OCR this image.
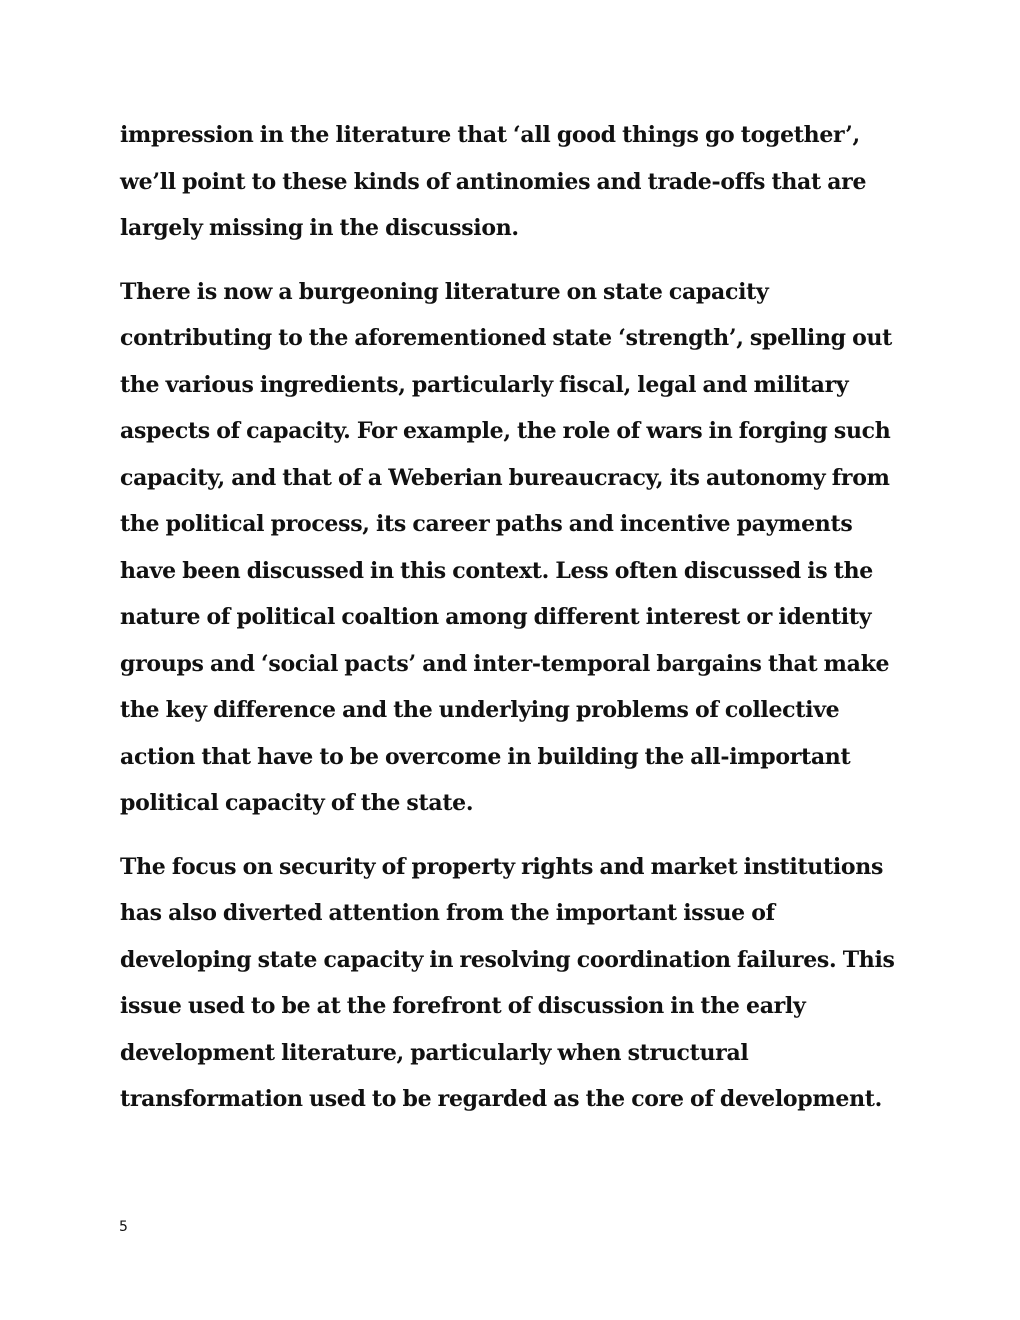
impression in the literature that ‘all good things go together’, we’ll point to these kinds of antinomies and trade-offs that are largely missing in the discussion.

There is now a burgeoning literature on state capacity contributing to the aforementioned state ‘strength’, spelling out the various ingredients, particularly fiscal, legal and military aspects of capacity. For example, the role of wars in forging such capacity, and that of a Weberian bureaucracy, its autonomy from the political process, its career paths and incentive payments have been discussed in this context. Less often discussed is the nature of political coaltion among different interest or identity groups and ‘social pacts’ and inter-temporal bargains that make the key difference and the underlying problems of collective action that have to be overcome in building the all-important political capacity of the state.

The focus on security of property rights and market institutions has also diverted attention from the important issue of developing state capacity in resolving coordination failures. This issue used to be at the forefront of discussion in the early development literature, particularly when structural transformation used to be regarded as the core of development.

5
